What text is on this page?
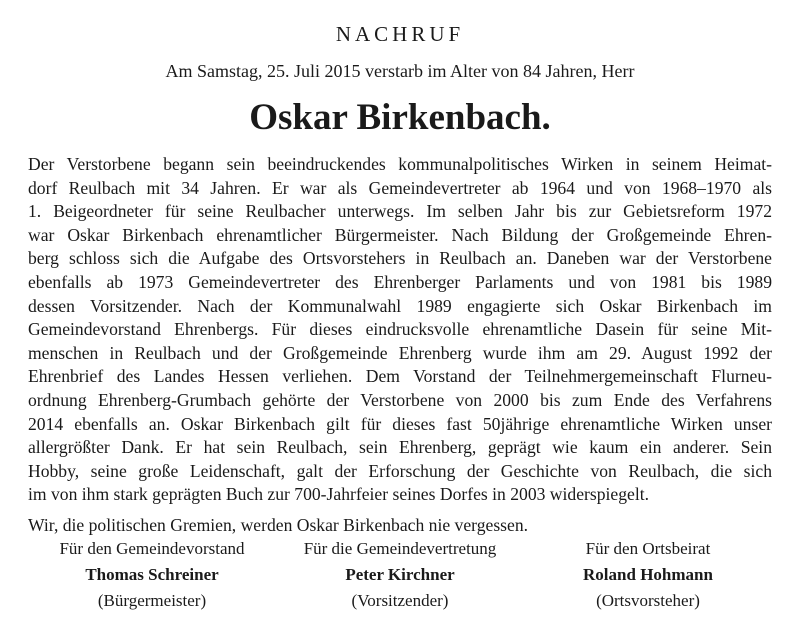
NACHRUF
Am Samstag, 25. Juli 2015 verstarb im Alter von 84 Jahren, Herr
Oskar Birkenbach.
Der Verstorbene begann sein beeindruckendes kommunalpolitisches Wirken in seinem Heimat-
dorf Reulbach mit 34 Jahren. Er war als Gemeindevertreter ab 1964 und von 1968–1970 als
1. Beigeordneter für seine Reulbacher unterwegs. Im selben Jahr bis zur Gebietsreform 1972
war Oskar Birkenbach ehrenamtlicher Bürgermeister. Nach Bildung der Großgemeinde Ehren-
berg schloss sich die Aufgabe des Ortsvorstehers in Reulbach an. Daneben war der Verstorbene
ebenfalls ab 1973 Gemeindevertreter des Ehrenberger Parlaments und von 1981 bis 1989
dessen Vorsitzender. Nach der Kommunalwahl 1989 engagierte sich Oskar Birkenbach im
Gemeindevorstand Ehrenbergs. Für dieses eindrucksvolle ehrenamtliche Dasein für seine Mit-
menschen in Reulbach und der Großgemeinde Ehrenberg wurde ihm am 29. August 1992 der
Ehrenbrief des Landes Hessen verliehen. Dem Vorstand der Teilnehmergemeinschaft Flurneu-
ordnung Ehrenberg-Grumbach gehörte der Verstorbene von 2000 bis zum Ende des Verfahrens
2014 ebenfalls an. Oskar Birkenbach gilt für dieses fast 50jährige ehrenamtliche Wirken unser
allergrößter Dank. Er hat sein Reulbach, sein Ehrenberg, geprägt wie kaum ein anderer. Sein
Hobby, seine große Leidenschaft, galt der Erforschung der Geschichte von Reulbach, die sich
im von ihm stark geprägten Buch zur 700-Jahrfeier seines Dorfes in 2003 widerspiegelt.
Wir, die politischen Gremien, werden Oskar Birkenbach nie vergessen.
Für den Gemeindevorstand
Thomas Schreiner
(Bürgermeister)
Für die Gemeindevertretung
Peter Kirchner
(Vorsitzender)
Für den Ortsbeirat
Roland Hohmann
(Ortsvorsteher)
